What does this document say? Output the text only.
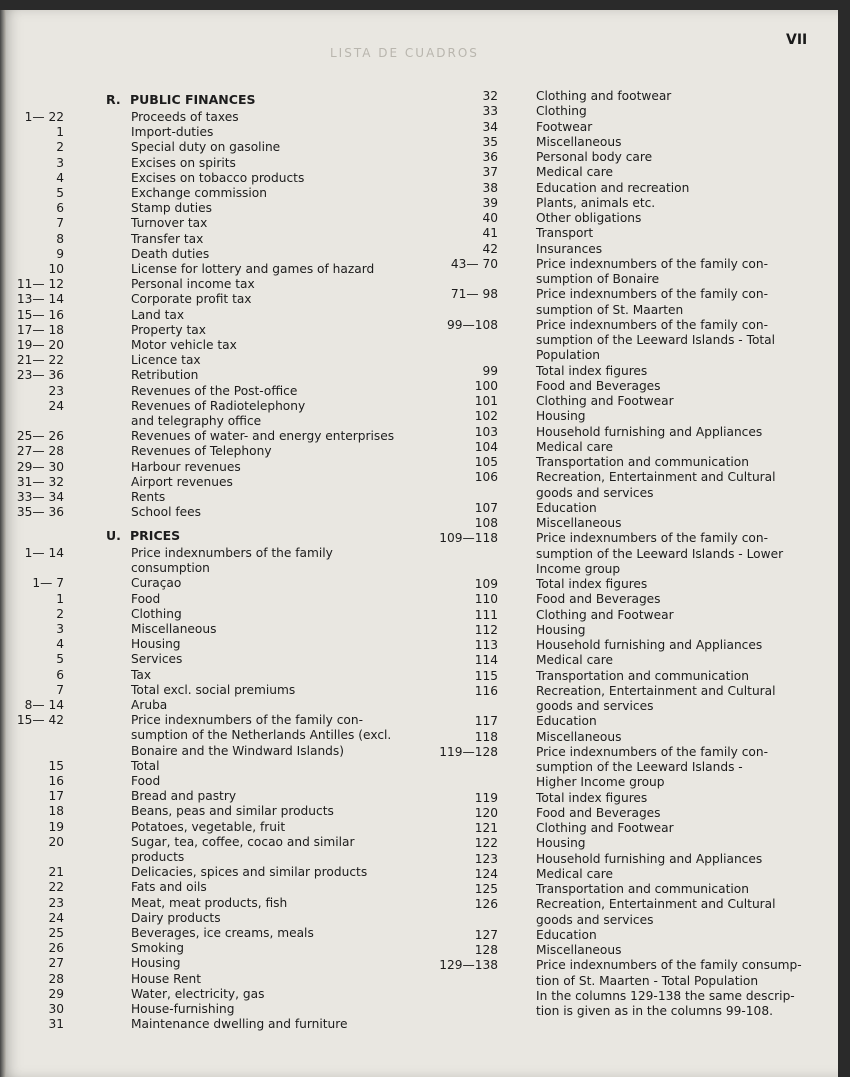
LISTA DE CUADROS
VII
R. PUBLIC FINANCES
1— 22	Proceeds of taxes
1	Import-duties
2	Special duty on gasoline
3	Excises on spirits
4	Excises on tobacco products
5	Exchange commission
6	Stamp duties
7	Turnover tax
8	Transfer tax
9	Death duties
10	License for lottery and games of hazard
11— 12	Personal income tax
13— 14	Corporate profit tax
15— 16	Land tax
17— 18	Property tax
19— 20	Motor vehicle tax
21— 22	Licence tax
23— 36	Retribution
23	Revenues of the Post-office
24	Revenues of Radiotelephony
and telegraphy office
25— 26	Revenues of water- and energy enterprises
27— 28	Revenues of Telephony
29— 30	Harbour revenues
31— 32	Airport revenues
33— 34	Rents
35— 36	School fees
U. PRICES
1— 14	Price indexnumbers of the family
consumption
1— 7	Curaçao
1	Food
2	Clothing
3	Miscellaneous
4	Housing
5	Services
6	Tax
7	Total excl. social premiums
8— 14	Aruba
15— 42	Price indexnumbers of the family con-
sumption of the Netherlands Antilles (excl.
Bonaire and the Windward Islands)
15	Total
16	Food
17	Bread and pastry
18	Beans, peas and similar products
19	Potatoes, vegetable, fruit
20	Sugar, tea, coffee, cocao and similar
products
21	Delicacies, spices and similar products
22	Fats and oils
23	Meat, meat products, fish
24	Dairy products
25	Beverages, ice creams, meals
26	Smoking
27	Housing
28	House Rent
29	Water, electricity, gas
30	House-furnishing
31	Maintenance dwelling and furniture
32	Clothing and footwear
33	Clothing
34	Footwear
35	Miscellaneous
36	Personal body care
37	Medical care
38	Education and recreation
39	Plants, animals etc.
40	Other obligations
41	Transport
42	Insurances
43— 70	Price indexnumbers of the family con-
sumption of Bonaire
71— 98	Price indexnumbers of the family con-
sumption of St. Maarten
99—108	Price indexnumbers of the family con-
sumption of the Leeward Islands - Total
Population
99	Total index figures
100	Food and Beverages
101	Clothing and Footwear
102	Housing
103	Household furnishing and Appliances
104	Medical care
105	Transportation and communication
106	Recreation, Entertainment and Cultural
goods and services
107	Education
108	Miscellaneous
109—118	Price indexnumbers of the family con-
sumption of the Leeward Islands - Lower
Income group
109	Total index figures
110	Food and Beverages
111	Clothing and Footwear
112	Housing
113	Household furnishing and Appliances
114	Medical care
115	Transportation and communication
116	Recreation, Entertainment and Cultural
goods and services
117	Education
118	Miscellaneous
119—128	Price indexnumbers of the family con-
sumption of the Leeward Islands -
Higher Income group
119	Total index figures
120	Food and Beverages
121	Clothing and Footwear
122	Housing
123	Household furnishing and Appliances
124	Medical care
125	Transportation and communication
126	Recreation, Entertainment and Cultural
goods and services
127	Education
128	Miscellaneous
129—138	Price indexnumbers of the family consump-
tion of St. Maarten - Total Population
In the columns 129-138 the same descrip-
tion is given as in the columns 99-108.
